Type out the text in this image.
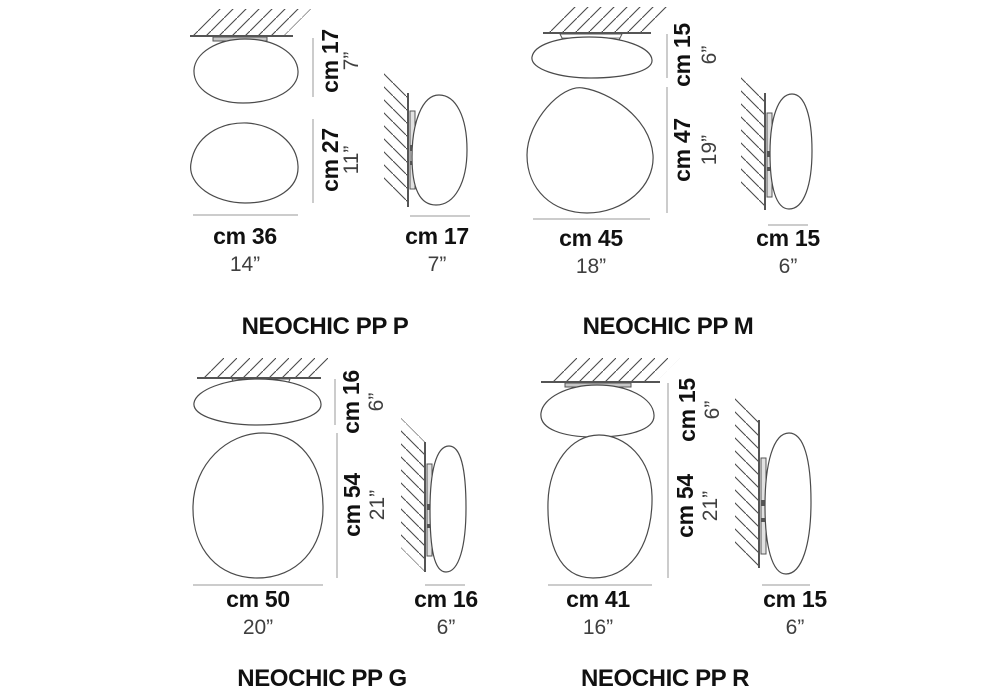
cm 17
7”
cm 27
11”
cm 36
14”
cm 17
7”
NEOCHIC PP P
cm 15 6”
cm 47 19”
cm 45
18”
cm 15
6”
NEOCHIC PP M
cm 16 6”
cm 54 21”
cm 50
20”
cm 16
6”
NEOCHIC PP G
cm 15 6”
cm 54 21”
cm 41
16”
cm 15
6”
NEOCHIC PP R
